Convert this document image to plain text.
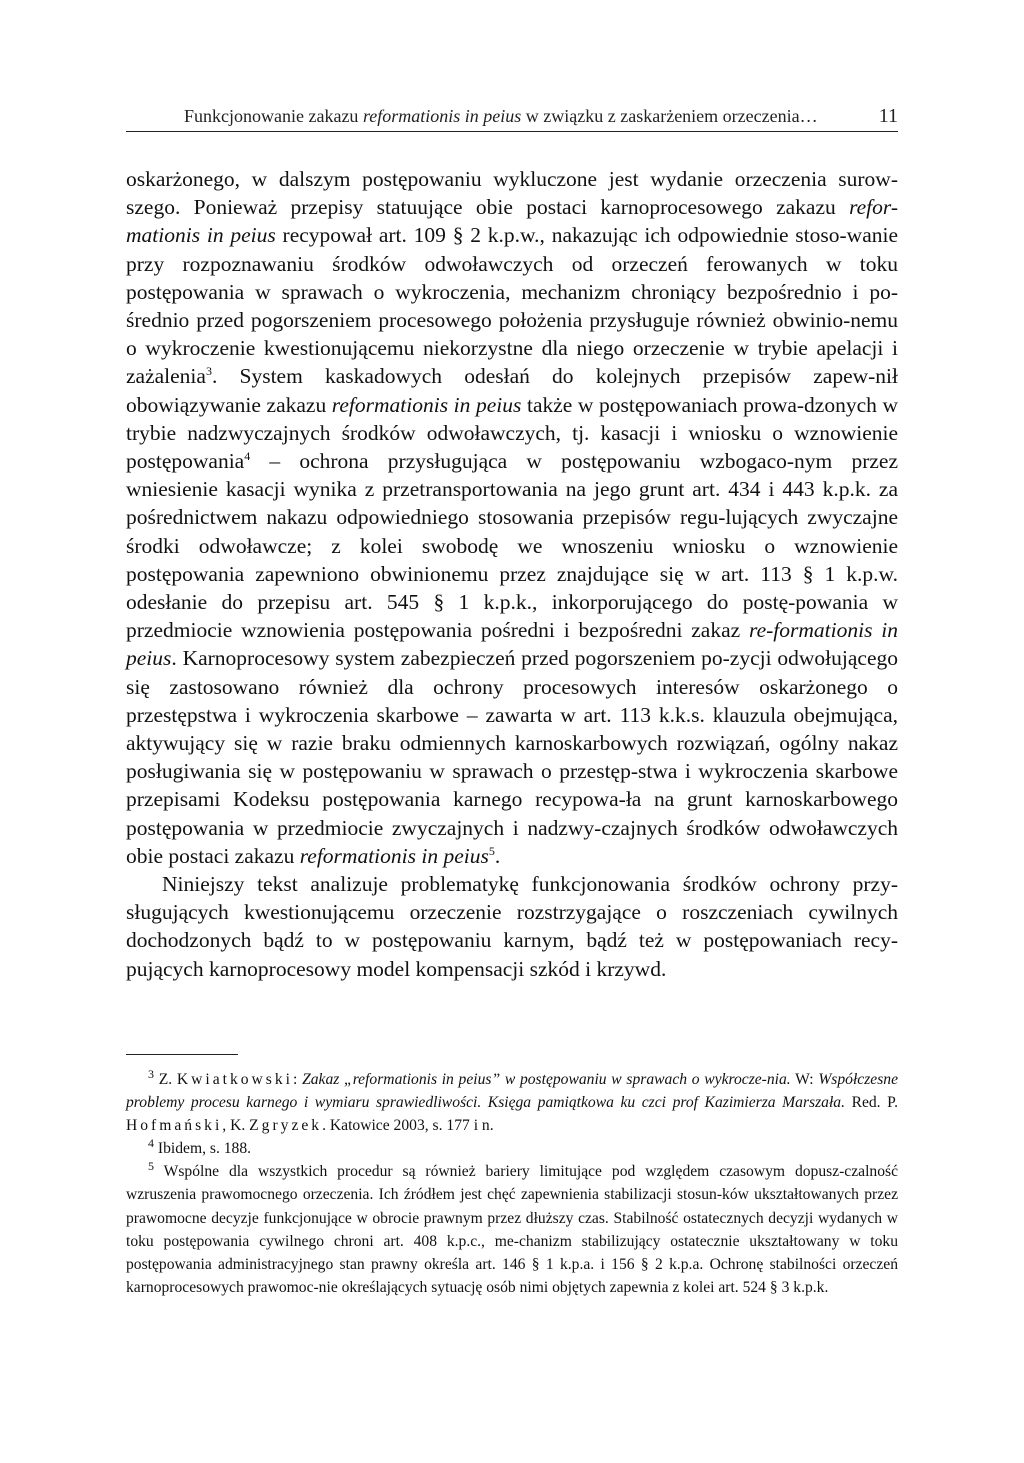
Funkcjonowanie zakazu reformationis in peius w związku z zaskarżeniem orzeczenia…	11

oskarżonego, w dalszym postępowaniu wykluczone jest wydanie orzeczenia surow-szego. Ponieważ przepisy statuujące obie postaci karnoprocesowego zakazu refor-mationis in peius recypował art. 109 § 2 k.p.w., nakazując ich odpowiednie stoso-wanie przy rozpoznawaniu środków odwoławczych od orzeczeń ferowanych w toku postępowania w sprawach o wykroczenia, mechanizm chroniący bezpośrednio i po-średnio przed pogorszeniem procesowego położenia przysługuje również obwinio-nemu o wykroczenie kwestionującemu niekorzystne dla niego orzeczenie w trybie apelacji i zażalenia$^3$. System kaskadowych odesłań do kolejnych przepisów zapew-nił obowiązywanie zakazu reformationis in peius także w postępowaniach prowa-dzonych w trybie nadzwyczajnych środków odwoławczych, tj. kasacji i wniosku o wznowienie postępowania$^4$ – ochrona przysługująca w postępowaniu wzbogaco-nym przez wniesienie kasacji wynika z przetransportowania na jego grunt art. 434 i 443 k.p.k. za pośrednictwem nakazu odpowiedniego stosowania przepisów regu-lujących zwyczajne środki odwoławcze; z kolei swobodę we wnoszeniu wniosku o wznowienie postępowania zapewniono obwinionemu przez znajdujące się w art. 113 § 1 k.p.w. odesłanie do przepisu art. 545 § 1 k.p.k., inkorporującego do postę-powania w przedmiocie wznowienia postępowania pośredni i bezpośredni zakaz re-formationis in peius. Karnoprocesowy system zabezpieczeń przed pogorszeniem po-zycji odwołującego się zastosowano również dla ochrony procesowych interesów oskarżonego o przestępstwa i wykroczenia skarbowe – zawarta w art. 113 k.k.s. klauzula obejmująca, aktywujący się w razie braku odmiennych karnoskarbowych rozwiązań, ogólny nakaz posługiwania się w postępowaniu w sprawach o przestęp-stwa i wykroczenia skarbowe przepisami Kodeksu postępowania karnego recypowa-ła na grunt karnoskarbowego postępowania w przedmiocie zwyczajnych i nadzwy-czajnych środków odwoławczych obie postaci zakazu reformationis in peius$^5$.

Niniejszy tekst analizuje problematykę funkcjonowania środków ochrony przy-sługujących kwestionującemu orzeczenie rozstrzygające o roszczeniach cywilnych dochodzonych bądź to w postępowaniu karnym, bądź też w postępowaniach recy-pujących karnoprocesowy model kompensacji szkód i krzywd.

$^3$ Z. Kwiatkowski: Zakaz „reformationis in peius” w postępowaniu w sprawach o wykrocze-nia. W: Współczesne problemy procesu karnego i wymiaru sprawiedliwości. Księga pamiątkowa ku czci prof Kazimierza Marszała. Red. P. Hofmański, K. Zgryzek. Katowice 2003, s. 177 i n.

$^4$ Ibidem, s. 188.

$^5$ Wspólne dla wszystkich procedur są również bariery limitujące pod względem czasowym dopusz-czalność wzruszenia prawomocnego orzeczenia. Ich źródłem jest chęć zapewnienia stabilizacji stosun-ków ukształtowanych przez prawomocne decyzje funkcjonujące w obrocie prawnym przez dłuższy czas. Stabilność ostatecznych decyzji wydanych w toku postępowania cywilnego chroni art. 408 k.p.c., me-chanizm stabilizujący ostatecznie ukształtowany w toku postępowania administracyjnego stan prawny określa art. 146 § 1 k.p.a. i 156 § 2 k.p.a. Ochronę stabilności orzeczeń karnoprocesowych prawomoc-nie określających sytuację osób nimi objętych zapewnia z kolei art. 524 § 3 k.p.k.
